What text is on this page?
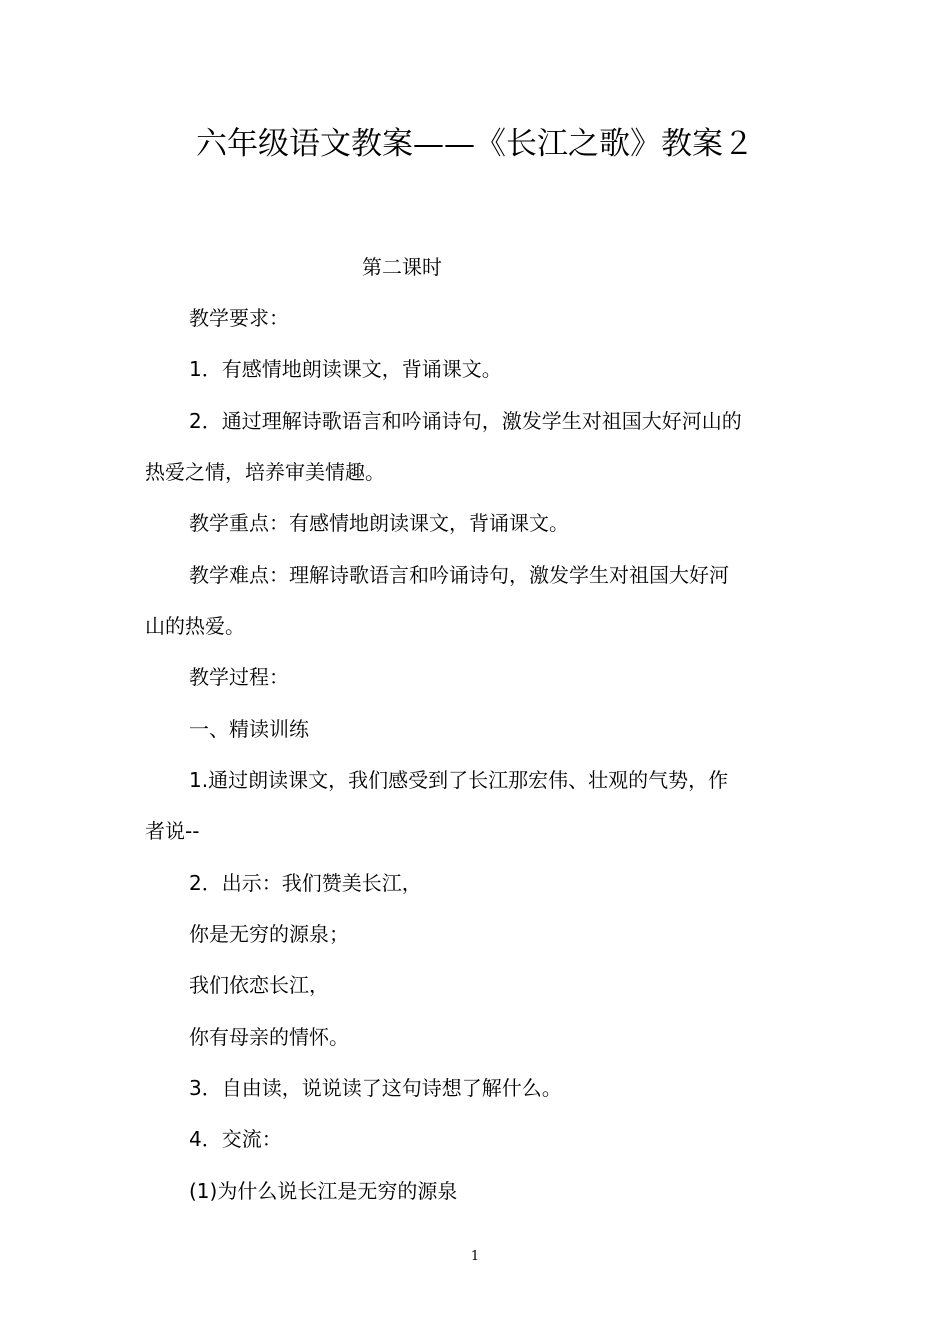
六年级语文教案——《长江之歌》教案２
第二课时
教学要求：
1．有感情地朗读课文，背诵课文。
2．通过理解诗歌语言和吟诵诗句，激发学生对祖国大好河山的
热爱之情，培养审美情趣。
教学重点：有感情地朗读课文，背诵课文。
教学难点：理解诗歌语言和吟诵诗句，激发学生对祖国大好河
山的热爱。
教学过程：
一、精读训练
1.通过朗读课文，我们感受到了长江那宏伟、壮观的气势，作
者说--
2．出示：我们赞美长江，
你是无穷的源泉；
我们依恋长江，
你有母亲的情怀。
3．自由读，说说读了这句诗想了解什么。
4．交流：
(1)为什么说长江是无穷的源泉
1
